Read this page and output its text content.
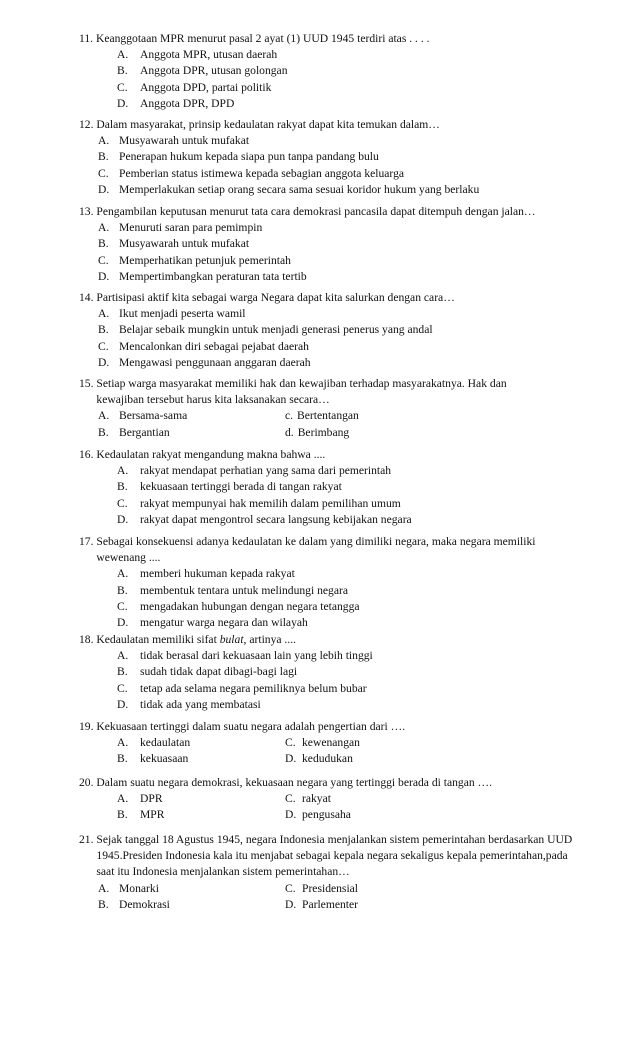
11. Keanggotaan MPR menurut pasal 2 ayat (1) UUD 1945 terdiri atas . . . .
A.	Anggota MPR, utusan daerah
B.	Anggota DPR, utusan golongan
C.	Anggota DPD, partai politik
D.	Anggota DPR, DPD
12. Dalam masyarakat, prinsip kedaulatan rakyat dapat kita temukan dalam…
A. Musyawarah untuk mufakat
B. Penerapan hukum kepada siapa pun tanpa pandang bulu
C. Pemberian status istimewa kepada sebagian anggota keluarga
D. Memperlakukan setiap orang secara sama sesuai koridor hukum yang berlaku
13. Pengambilan keputusan menurut tata cara demokrasi pancasila dapat ditempuh dengan jalan…
A. Menuruti saran para pemimpin
B. Musyawarah untuk mufakat
C. Memperhatikan petunjuk pemerintah
D. Mempertimbangkan peraturan tata tertib
14. Partisipasi aktif kita sebagai warga Negara dapat kita salurkan dengan cara…
A. Ikut menjadi peserta wamil
B. Belajar sebaik mungkin untuk menjadi generasi penerus yang andal
C. Mencalonkan diri sebagai pejabat daerah
D. Mengawasi penggunaan anggaran daerah
15. Setiap warga masyarakat memiliki hak dan kewajiban terhadap masyarakatnya. Hak dan kewajiban tersebut harus kita laksanakan secara…
A. Bersama-sama	c. Bertentangan
B. Bergantian	d. Berimbang
16. Kedaulatan rakyat mengandung makna bahwa ....
A.	rakyat mendapat perhatian yang sama dari pemerintah
B.	kekuasaan tertinggi berada di tangan rakyat
C.	rakyat mempunyai hak memilih dalam pemilihan umum
D.	rakyat dapat mengontrol secara langsung kebijakan negara
17. Sebagai konsekuensi adanya kedaulatan ke dalam yang dimiliki negara, maka negara memiliki wewenang ....
A.	memberi hukuman kepada rakyat
B.	membentuk tentara untuk melindungi negara
C.	mengadakan hubungan dengan negara tetangga
D.	mengatur warga negara dan wilayah
18. Kedaulatan memiliki sifat bulat, artinya ....
A.	tidak berasal dari kekuasaan lain yang lebih tinggi
B.	sudah tidak dapat dibagi-bagi lagi
C.	tetap ada selama negara pemiliknya belum bubar
D.	tidak ada yang membatasi
19. Kekuasaan tertinggi dalam suatu negara adalah pengertian dari ….
A.	kedaulatan	C. kewenangan
B.	kekuasaan	D. kedudukan
20. Dalam suatu negara demokrasi, kekuasaan negara yang tertinggi berada di tangan ….
A.	DPR	C. rakyat
B.	MPR	D. pengusaha
21. Sejak tanggal 18 Agustus 1945, negara Indonesia menjalankan sistem pemerintahan berdasarkan UUD 1945.Presiden Indonesia kala itu menjabat sebagai kepala negara sekaligus kepala pemerintahan,pada saat itu Indonesia menjalankan sistem pemerintahan…
A. Monarki	C. Presidensial
B. Demokrasi	D. Parlementer
